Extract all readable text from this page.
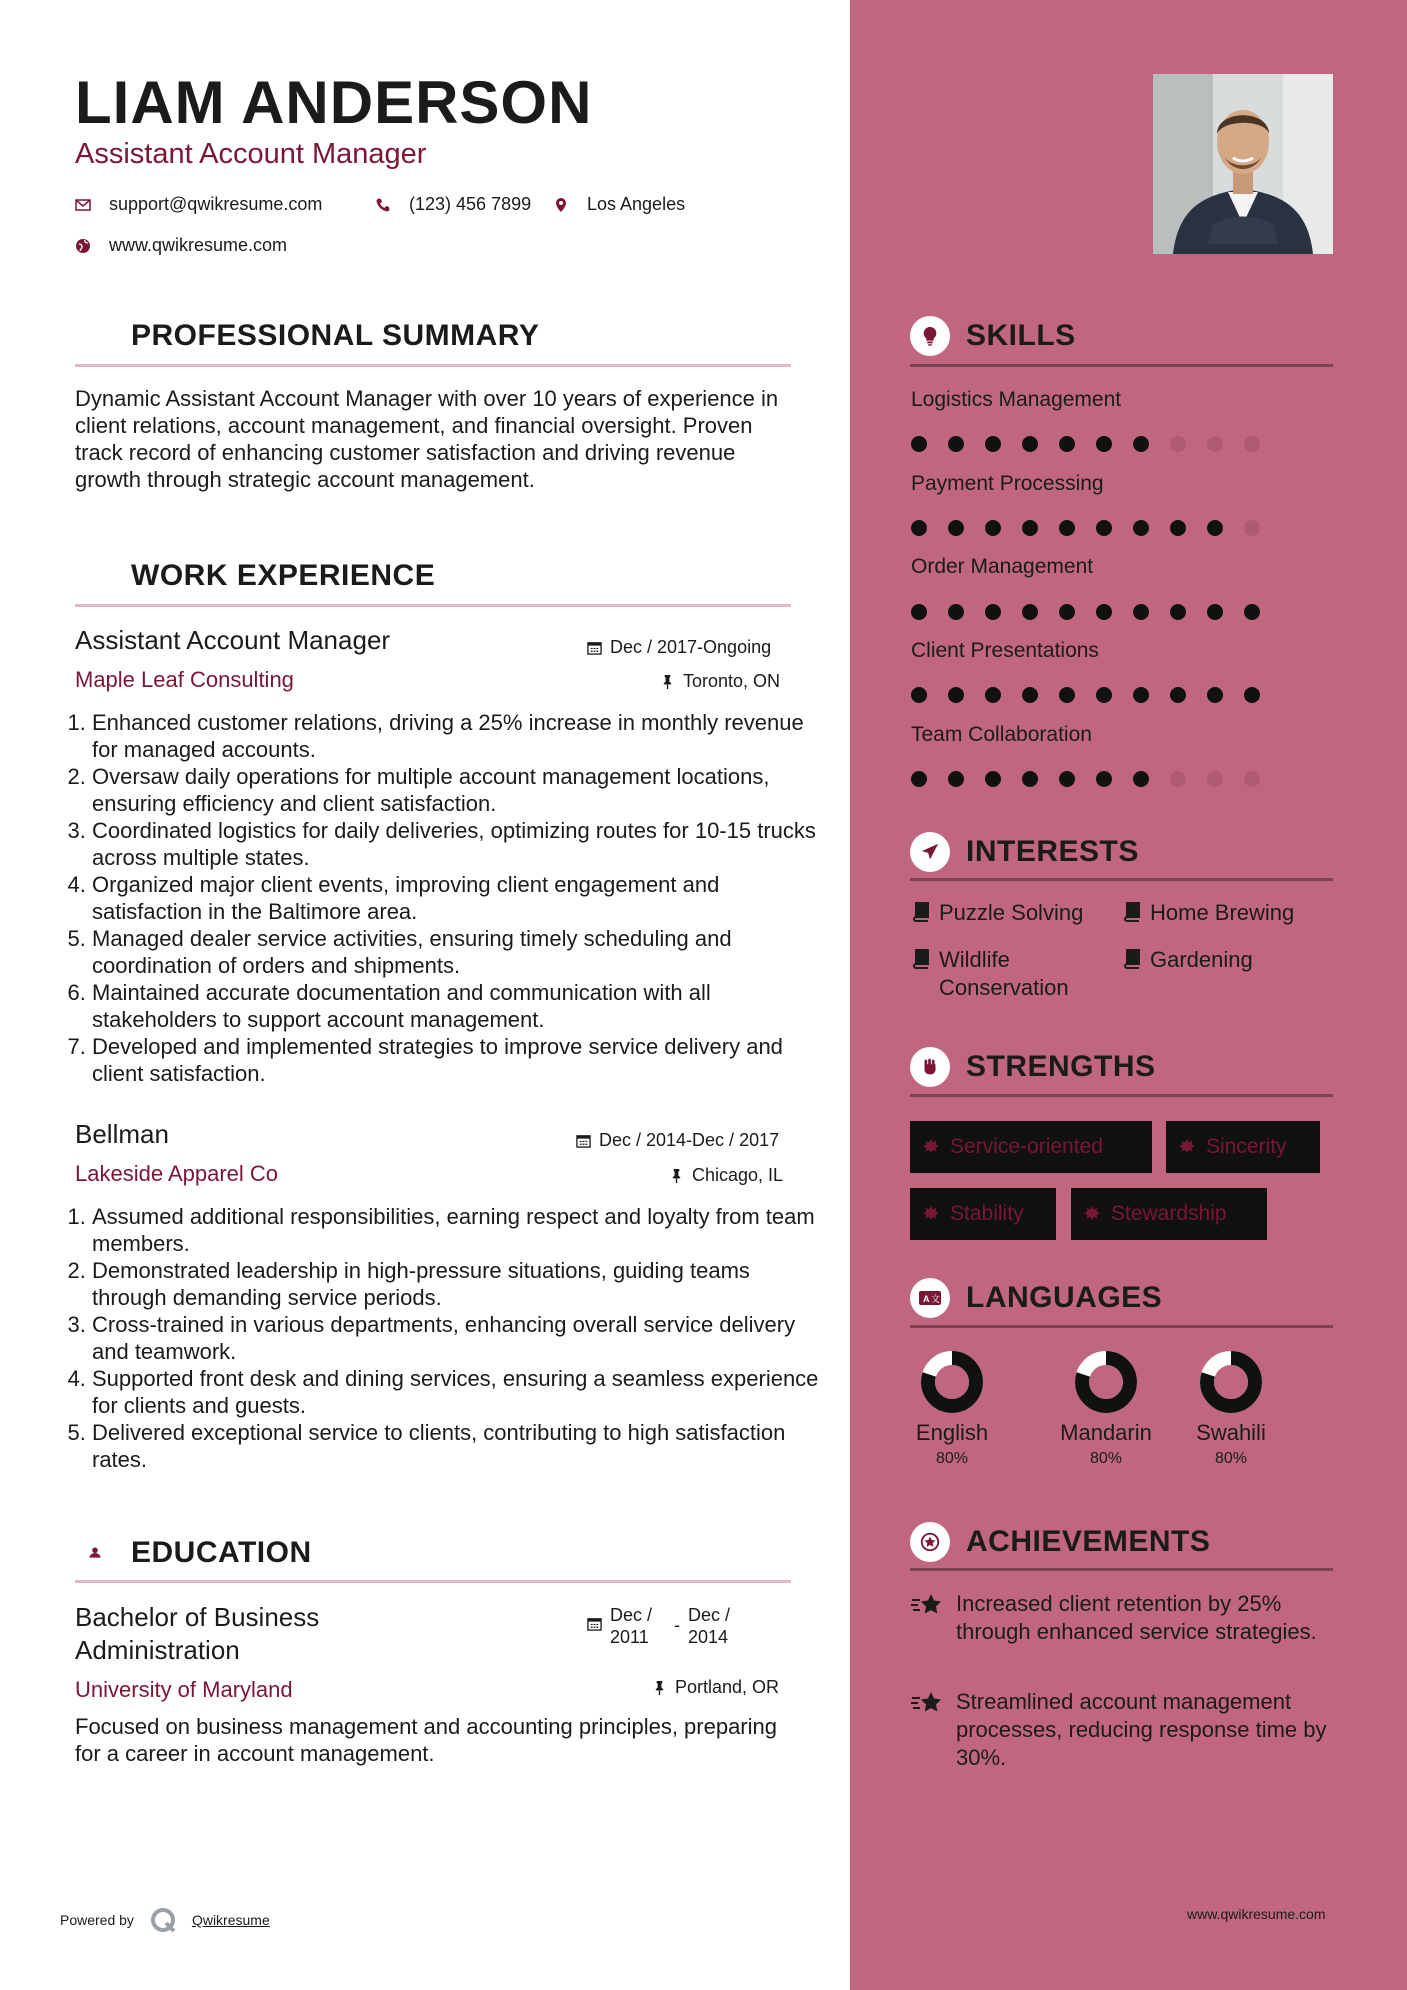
SKILLS
INTERESTS
STRENGTHS
A 文 LANGUAGES
ACHIEVEMENTS
LIAM ANDERSON
Assistant Account Manager
support@qwikresume.com	(123) 456 7899	Los Angeles
www.qwikresume.com
PROFESSIONAL SUMMARY
Dynamic Assistant Account Manager with over 10 years of experience in client relations, account management, and financial oversight. Proven track record of enhancing customer satisfaction and driving revenue growth through strategic account management.
WORK EXPERIENCE
Assistant Account Manager
Maple Leaf Consulting
Dec / 2017-Ongoing
Toronto, ON
1. Enhanced customer relations, driving a 25% increase in monthly revenue for managed accounts.
2. Oversaw daily operations for multiple account management locations, ensuring efficiency and client satisfaction.
3. Coordinated logistics for daily deliveries, optimizing routes for 10-15 trucks across multiple states.
4. Organized major client events, improving client engagement and satisfaction in the Baltimore area.
5. Managed dealer service activities, ensuring timely scheduling and coordination of orders and shipments.
6. Maintained accurate documentation and communication with all stakeholders to support account management.
7. Developed and implemented strategies to improve service delivery and client satisfaction.
Bellman
Lakeside Apparel Co
Dec / 2014-Dec / 2017
Chicago, IL
1. Assumed additional responsibilities, earning respect and loyalty from team members.
2. Demonstrated leadership in high-pressure situations, guiding teams through demanding service periods.
3. Cross-trained in various departments, enhancing overall service delivery and teamwork.
4. Supported front desk and dining services, ensuring a seamless experience for clients and guests.
5. Delivered exceptional service to clients, contributing to high satisfaction rates.
EDUCATION
Bachelor of Business
Administration
University of Maryland
Dec /
2011
- Dec /
2014
Portland, OR
Focused on business management and accounting principles, preparing for a career in account management.
Logistics Management
Payment Processing
Order Management
Client Presentations
Team Collaboration
Puzzle Solving	Home Brewing
Wildlife Conservation
Gardening
Service-oriented	Sincerity
Stability	Stewardship
English
80%
Mandarin
80%
Swahili
80%
Increased client retention by 25% through enhanced service strategies.
Streamlined account management processes, reducing response time by 30%.
Powered by	Qwikresume	www.qwikresume.com
